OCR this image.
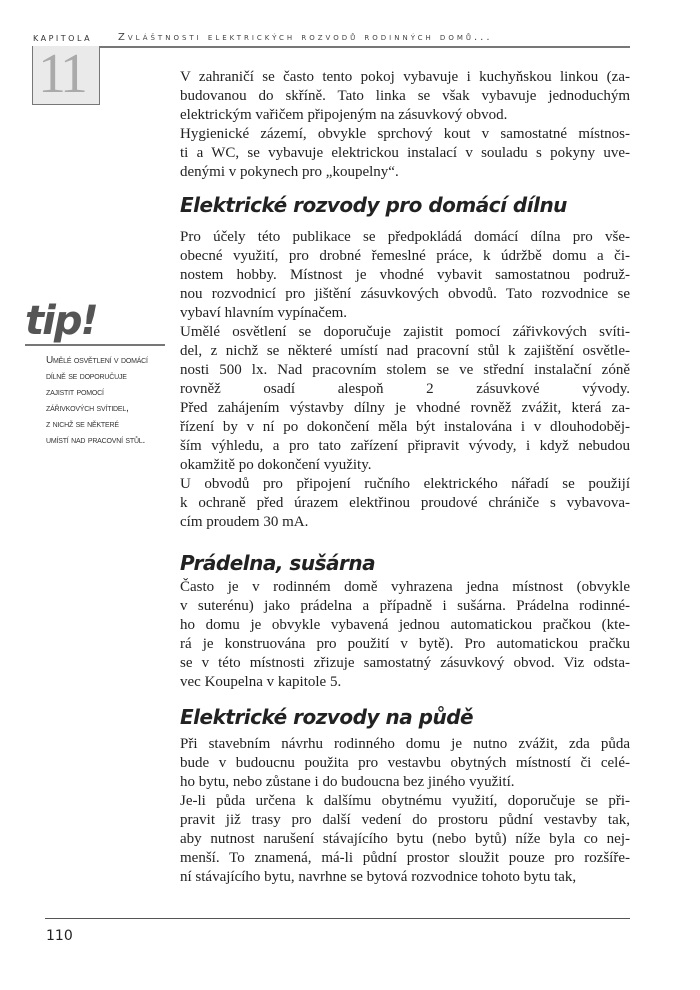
KAPITOLA	Zvláštnosti elektrických rozvodů rodinných domů...
11	V zahraničí se často tento pokoj vybavuje i kuchyňskou linkou (za-
budovanou do skříně. Tato linka se však vybavuje jednoduchým
elektrickým vařičem připojeným na zásuvkový obvod.
Hygienické zázemí, obvykle sprchový kout v samostatné místnos-
ti a WC, se vybavuje elektrickou instalací v souladu s pokyny uve-
denými v pokynech pro „koupelny“.
Elektrické rozvody pro domácí dílnu
Pro účely této publikace se předpokládá domácí dílna pro vše-
obecné využití, pro drobné řemeslné práce, k údržbě domu a či-
nostem hobby. Místnost je vhodné vybavit samostatnou podruž-
nou rozvodnicí pro jištění zásuvkových obvodů. Tato rozvodnice se
vybaví hlavním vypínačem.
Umělé osvětlení se doporučuje zajistit pomocí zářivkových svíti-
del, z nichž se některé umístí nad pracovní stůl k zajištění osvětle-
nosti 500 lx. Nad pracovním stolem se ve střední instalační zóně
rovněž osadí alespoň 2 zásuvkové vývody.
Před zahájením výstavby dílny je vhodné rovněž zvážit, která za-
řízení by v ní po dokončení měla být instalována i v dlouhodoběj-
ším výhledu, a pro tato zařízení připravit vývody, i když nebudou
okamžitě po dokončení využity.
U obvodů pro připojení ručního elektrického nářadí se použijí
k ochraně před úrazem elektřinou proudové chrániče s vybavova-
cím proudem 30 mA.
Prádelna, sušárna
Často je v rodinném domě vyhrazena jedna místnost (obvykle
v suterénu) jako prádelna a případně i sušárna. Prádelna rodinné-
ho domu je obvykle vybavená jednou automatickou pračkou (kte-
rá je konstruována pro použití v bytě). Pro automatickou pračku
se v této místnosti zřizuje samostatný zásuvkový obvod. Viz odsta-
vec Koupelna v kapitole 5.
Elektrické rozvody na půdě
Při stavebním návrhu rodinného domu je nutno zvážit, zda půda
bude v budoucnu použita pro vestavbu obytných místností či celé-
ho bytu, nebo zůstane i do budoucna bez jiného využití.
Je-li půda určena k dalšímu obytnému využití, doporučuje se při-
pravit již trasy pro další vedení do prostoru půdní vestavby tak,
aby nutnost narušení stávajícího bytu (nebo bytů) níže byla co nej-
menší. To znamená, má-li půdní prostor sloužit pouze pro rozšíře-
ní stávajícího bytu, navrhne se bytová rozvodnice tohoto bytu tak,
tip!
Umělé osvětlení v domácí
dílně se doporučuje
zajistit pomocí
zářivkových svítidel,
z nichž se některé
umístí nad pracovní stůl.
110
